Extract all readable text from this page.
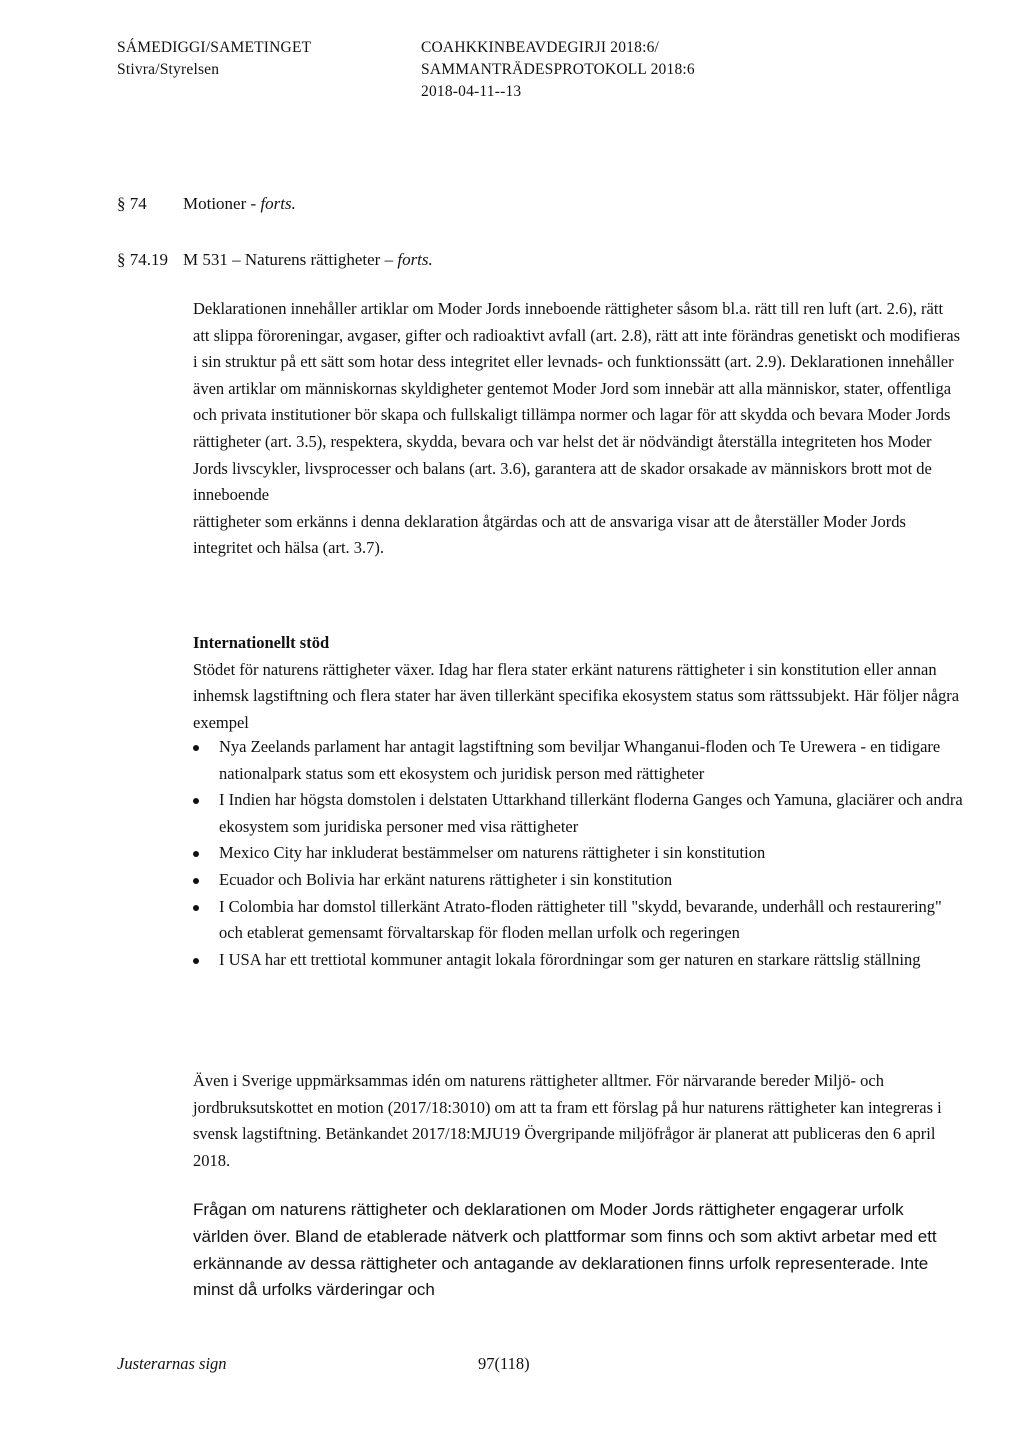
SÁMEDIGGI/SAMETINGET
Stivra/Styrelsen
COAHKKINBEAVDEGIRJI 2018:6/
SAMMANTRÄDESPROTOKOLL 2018:6
2018-04-11--13
§ 74 Motioner - forts.
§ 74.19 M 531 – Naturens rättigheter – forts.

Deklarationen innehåller artiklar om Moder Jords inneboende rättigheter såsom bl.a. rätt till ren luft (art. 2.6), rätt att slippa föroreningar, avgaser, gifter och radioaktivt avfall (art. 2.8), rätt att inte förändras genetiskt och modifieras i sin struktur på ett sätt som hotar dess integritet eller levnads- och funktionssätt (art. 2.9). Deklarationen innehåller även artiklar om människornas skyldigheter gentemot Moder Jord som innebär att alla människor, stater, offentliga och privata institutioner bör skapa och fullskaligt tillämpa normer och lagar för att skydda och bevara Moder Jords rättigheter (art. 3.5), respektera, skydda, bevara och var helst det är nödvändigt återställa integriteten hos Moder Jords livscykler, livsprocesser och balans (art. 3.6), garantera att de skador orsakade av människors brott mot de inneboende

rättigheter som erkänns i denna deklaration åtgärdas och att de ansvariga visar att de återställer Moder Jords integritet och hälsa (art. 3.7).

Internationellt stöd

Stödet för naturens rättigheter växer. Idag har flera stater erkänt naturens rättigheter i sin konstitution eller annan inhemsk lagstiftning och flera stater har även tillerkänt specifika ekosystem status som rättssubjekt. Här följer några exempel

Nya Zeelands parlament har antagit lagstiftning som beviljar Whanganui-floden och Te Urewera - en tidigare nationalpark status som ett ekosystem och juridisk person med rättigheter
I Indien har högsta domstolen i delstaten Uttarkhand tillerkänt floderna Ganges och Yamuna, glaciärer och andra ekosystem som juridiska personer med visa rättigheter
Mexico City har inkluderat bestämmelser om naturens rättigheter i sin konstitution
Ecuador och Bolivia har erkänt naturens rättigheter i sin konstitution
I Colombia har domstol tillerkänt Atrato-floden rättigheter till "skydd, bevarande, underhåll och restaurering" och etablerat gemensamt förvaltarskap för floden mellan urfolk och regeringen
I USA har ett trettiotal kommuner antagit lokala förordningar som ger naturen en starkare rättslig ställning

Även i Sverige uppmärksammas idén om naturens rättigheter alltmer. För närvarande bereder Miljö- och jordbruksutskottet en motion (2017/18:3010) om att ta fram ett förslag på hur naturens rättigheter kan integreras i svensk lagstiftning. Betänkandet 2017/18:MJU19 Övergripande miljöfrågor är planerat att publiceras den 6 april 2018.

Frågan om naturens rättigheter och deklarationen om Moder Jords rättigheter engagerar urfolk världen över. Bland de etablerade nätverk och plattformar som finns och som aktivt arbetar med ett erkännande av dessa rättigheter och antagande av deklarationen finns urfolk representerade. Inte minst då urfolks värderingar och

Justerarnas sign	97(118)
